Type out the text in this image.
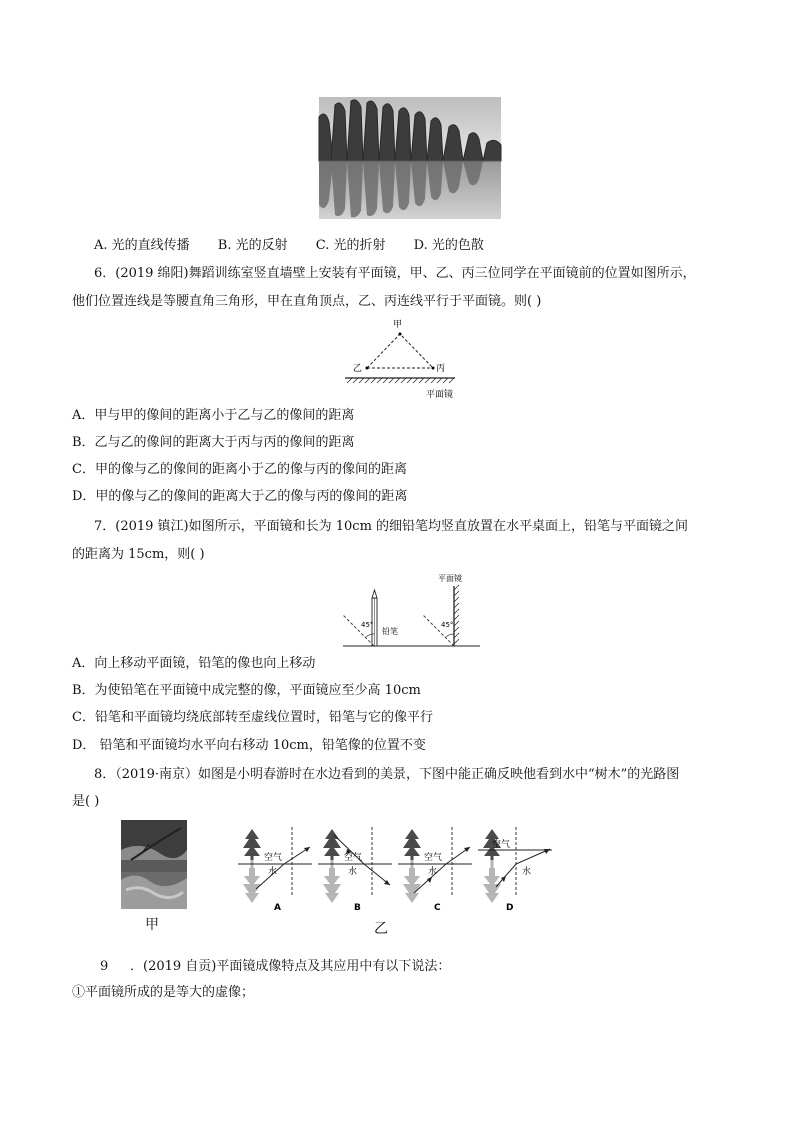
A. 光的直线传播 B. 光的反射 C. 光的折射 D. 光的色散
6．(2019 绵阳)舞蹈训练室竖直墙壁上安装有平面镜，甲、乙、丙三位同学在平面镜前的位置如图所示，
他们位置连线是等腰直角三角形，甲在直角顶点，乙、丙连线平行于平面镜。则( )
甲
乙	丙
平面镜
A．甲与甲的像间的距离小于乙与乙的像间的距离
B．乙与乙的像间的距离大于丙与丙的像间的距离
C．甲的像与乙的像间的距离小于乙的像与丙的像间的距离
D．甲的像与乙的像间的距离大于乙的像与丙的像间的距离
7．(2019 镇江)如图所示，平面镜和长为 10cm 的细铅笔均竖直放置在水平桌面上，铅笔与平面镜之间
的距离为 15cm，则( )
平面镜
45°
铅笔
45°
A．向上移动平面镜，铅笔的像也向上移动
B．为使铅笔在平面镜中成完整的像，平面镜应至少高 10cm
C．铅笔和平面镜均绕底部转至虚线位置时，铅笔与它的像平行
D． 铅笔和平面镜均水平向右移动 10cm，铅笔像的位置不变
8．（2019·南京）如图是小明春游时在水边看到的美景，下图中能正确反映他看到水中“树木”的光路图
是( )
甲
空气
水
A
空气
水
B
空气
水
C
空气
水
D
乙
9 ．(2019 自贡)平面镜成像特点及其应用中有以下说法：
①平面镜所成的是等大的虚像；
